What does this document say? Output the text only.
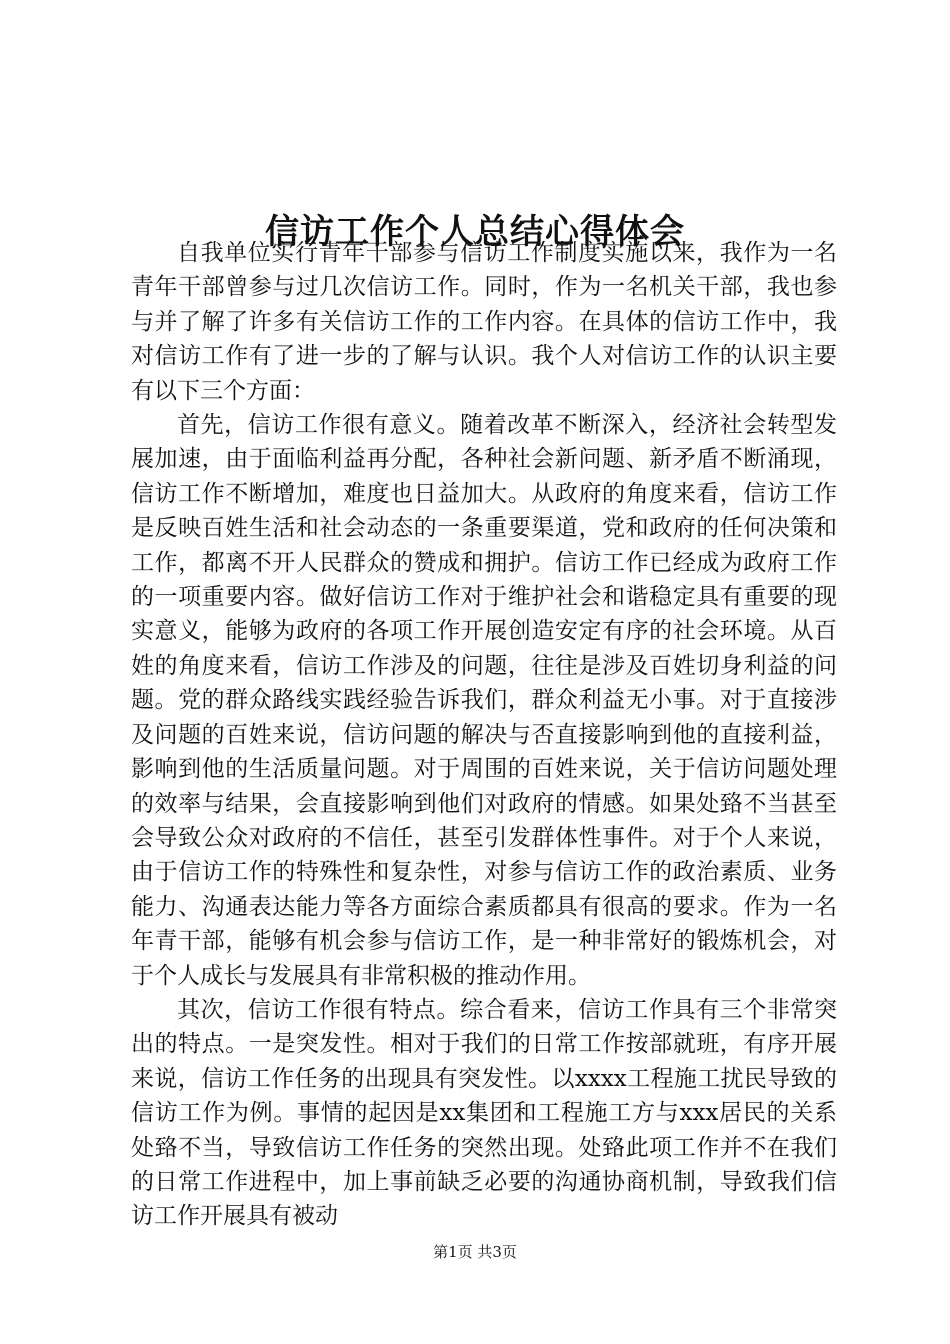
信访工作个人总结心得体会

自我单位实行青年干部参与信访工作制度实施以来，我作为一名青年干部曾参与过几次信访工作。同时，作为一名机关干部，我也参与并了解了许多有关信访工作的工作内容。在具体的信访工作中，我对信访工作有了进一步的了解与认识。我个人对信访工作的认识主要有以下三个方面：

首先，信访工作很有意义。随着改革不断深入，经济社会转型发展加速，由于面临利益再分配，各种社会新问题、新矛盾不断涌现，信访工作不断增加，难度也日益加大。从政府的角度来看，信访工作是反映百姓生活和社会动态的一条重要渠道，党和政府的任何决策和工作，都离不开人民群众的赞成和拥护。信访工作已经成为政府工作的一项重要内容。做好信访工作对于维护社会和谐稳定具有重要的现实意义，能够为政府的各项工作开展创造安定有序的社会环境。从百姓的角度来看，信访工作涉及的问题，往往是涉及百姓切身利益的问题。党的群众路线实践经验告诉我们，群众利益无小事。对于直接涉及问题的百姓来说，信访问题的解决与否直接影响到他的直接利益，影响到他的生活质量问题。对于周围的百姓来说，关于信访问题处理的效率与结果，会直接影响到他们对政府的情感。如果处臵不当甚至会导致公众对政府的不信任，甚至引发群体性事件。对于个人来说，由于信访工作的特殊性和复杂性，对参与信访工作的政治素质、业务能力、沟通表达能力等各方面综合素质都具有很高的要求。作为一名年青干部，能够有机会参与信访工作，是一种非常好的锻炼机会，对于个人成长与发展具有非常积极的推动作用。

其次，信访工作很有特点。综合看来，信访工作具有三个非常突出的特点。一是突发性。相对于我们的日常工作按部就班，有序开展来说，信访工作任务的出现具有突发性。以xxxx工程施工扰民导致的信访工作为例。事情的起因是xx集团和工程施工方与xxx居民的关系处臵不当，导致信访工作任务的突然出现。处臵此项工作并不在我们的日常工作进程中，加上事前缺乏必要的沟通协商机制，导致我们信访工作开展具有被动

第1页 共3页
